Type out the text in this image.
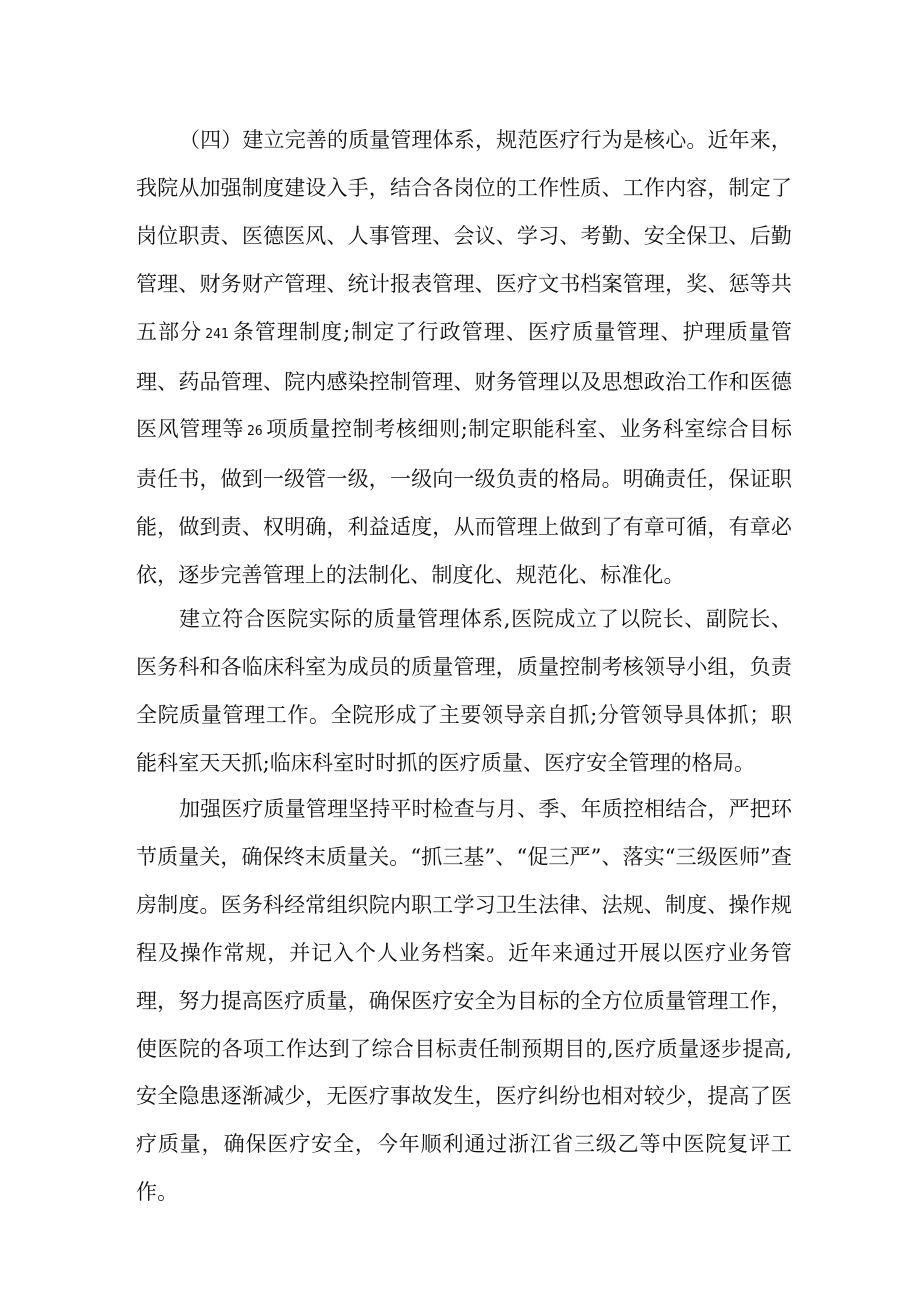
（四）建立完善的质量管理体系，规范医疗行为是核心。近年来，我院从加强制度建设入手，结合各岗位的工作性质、工作内容，制定了岗位职责、医德医风、人事管理、会议、学习、考勤、安全保卫、后勤管理、财务财产管理、统计报表管理、医疗文书档案管理，奖、惩等共五部分 241 条管理制度;制定了行政管理、医疗质量管理、护理质量管理、药品管理、院内感染控制管理、财务管理以及思想政治工作和医德医风管理等 26 项质量控制考核细则;制定职能科室、业务科室综合目标责任书，做到一级管一级，一级向一级负责的格局。明确责任，保证职能，做到责、权明确，利益适度，从而管理上做到了有章可循，有章必依，逐步完善管理上的法制化、制度化、规范化、标准化。

建立符合医院实际的质量管理体系,医院成立了以院长、副院长、医务科和各临床科室为成员的质量管理，质量控制考核领导小组，负责全院质量管理工作。全院形成了主要领导亲自抓;分管领导具体抓；职能科室天天抓;临床科室时时抓的医疗质量、医疗安全管理的格局。

加强医疗质量管理坚持平时检查与月、季、年质控相结合，严把环节质量关，确保终末质量关。“抓三基”、“促三严”、落实“三级医师”查房制度。医务科经常组织院内职工学习卫生法律、法规、制度、操作规程及操作常规，并记入个人业务档案。近年来通过开展以医疗业务管理，努力提高医疗质量，确保医疗安全为目标的全方位质量管理工作，使医院的各项工作达到了综合目标责任制预期目的,医疗质量逐步提高,安全隐患逐渐减少，无医疗事故发生，医疗纠纷也相对较少，提高了医疗质量，确保医疗安全，今年顺利通过浙江省三级乙等中医院复评工作。
